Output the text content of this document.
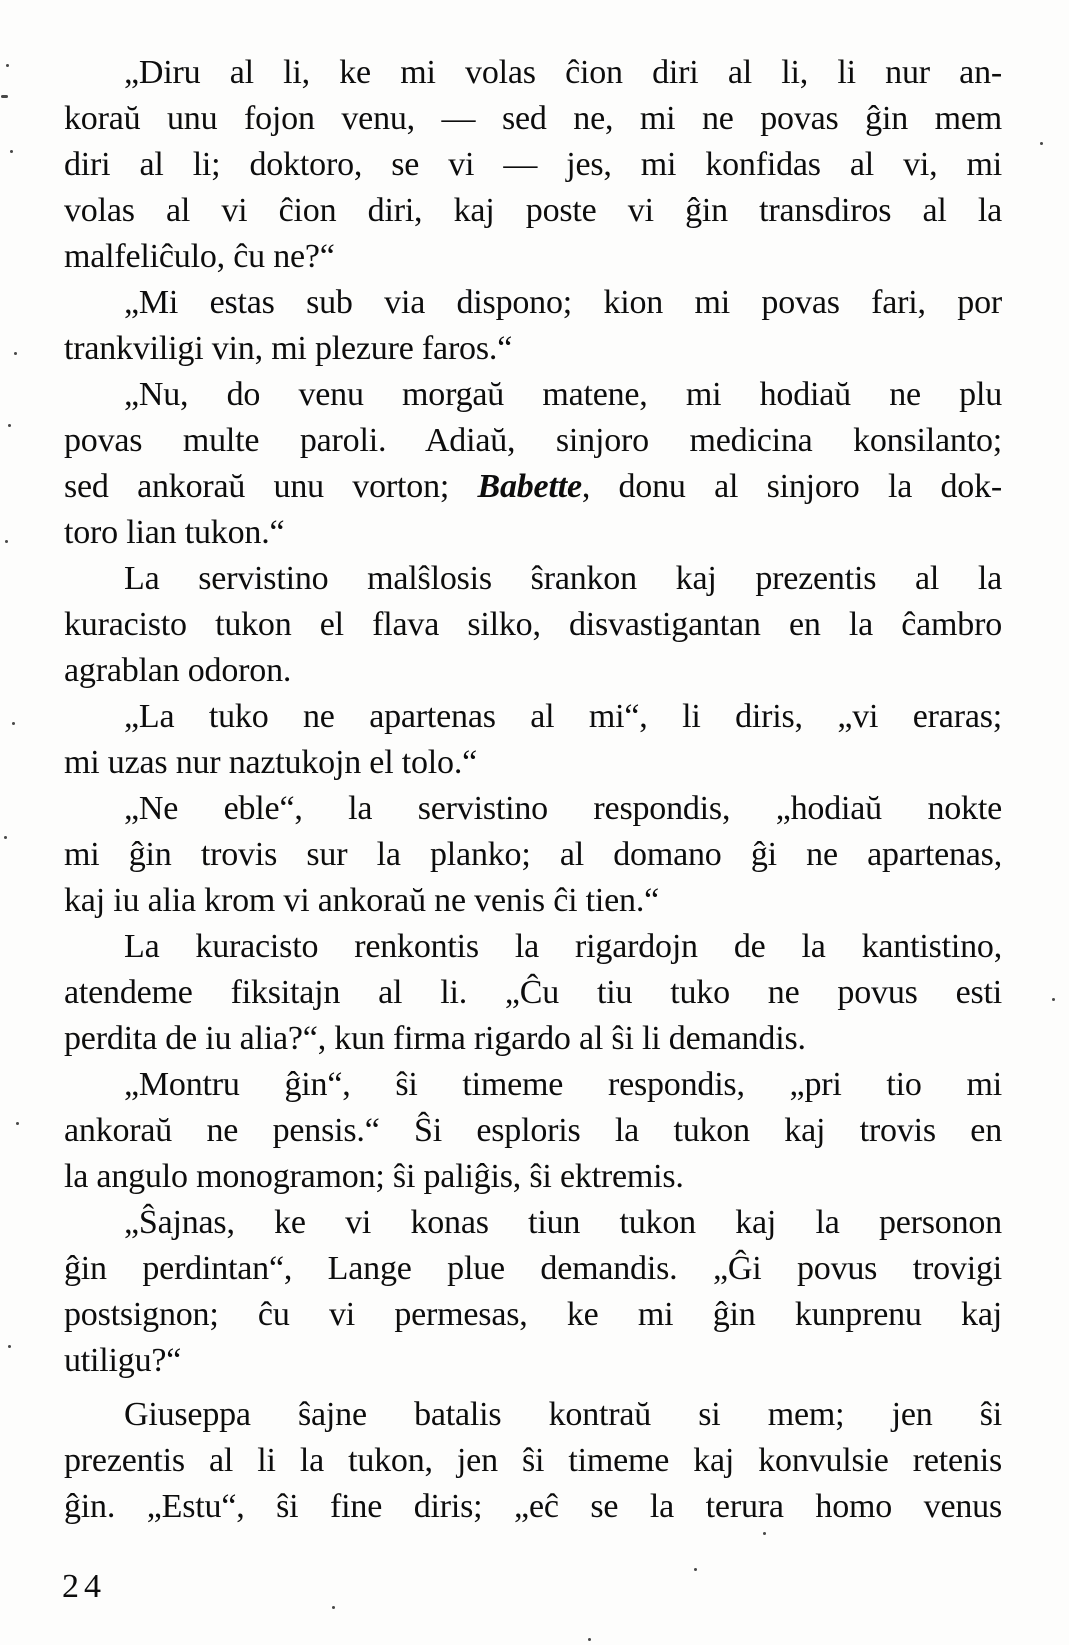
„Diru al li, ke mi volas ĉion diri al li, li nur an-
koraŭ unu fojon venu, — sed ne, mi ne povas ĝin mem
diri al li; doktoro, se vi — jes, mi konfidas al vi, mi
volas al vi ĉion diri, kaj poste vi ĝin transdiros al la
malfeliĉulo, ĉu ne?“

„Mi estas sub via dispono; kion mi povas fari, por
trankviligi vin, mi plezure faros.“

„Nu, do venu morgaŭ matene, mi hodiaŭ ne plu
povas multe paroli. Adiaŭ, sinjoro medicina konsilanto;
sed ankoraŭ unu vorton; Babette, donu al sinjoro la dok-
toro lian tukon.“

La servistino malŝlosis ŝrankon kaj prezentis al la
kuracisto tukon el flava silko, disvastigantan en la ĉambro
agrablan odoron.

„La tuko ne apartenas al mi“, li diris, „vi eraras;
mi uzas nur naztukojn el tolo.“

„Ne eble“, la servistino respondis, „hodiaŭ nokte
mi ĝin trovis sur la planko; al domano ĝi ne apartenas,
kaj iu alia krom vi ankoraŭ ne venis ĉi tien.“

La kuracisto renkontis la rigardojn de la kantistino,
atendeme fiksitajn al li. „Ĉu tiu tuko ne povus esti
perdita de iu alia?“, kun firma rigardo al ŝi li demandis.

„Montru ĝin“, ŝi timeme respondis, „pri tio mi
ankoraŭ ne pensis.“ Ŝi esploris la tukon kaj trovis en
la angulo monogramon; ŝi paliĝis, ŝi ektremis.

„Ŝajnas, ke vi konas tiun tukon kaj la personon
ĝin perdintan“, Lange plue demandis. „Ĝi povus trovigi
postsignon; ĉu vi permesas, ke mi ĝin kunprenu kaj
utiligu?“

Giuseppa ŝajne batalis kontraŭ si mem; jen ŝi
prezentis al li la tukon, jen ŝi timeme kaj konvulsie retenis
ĝin. „Estu“, ŝi fine diris; „eĉ se la terura homo venus

24
